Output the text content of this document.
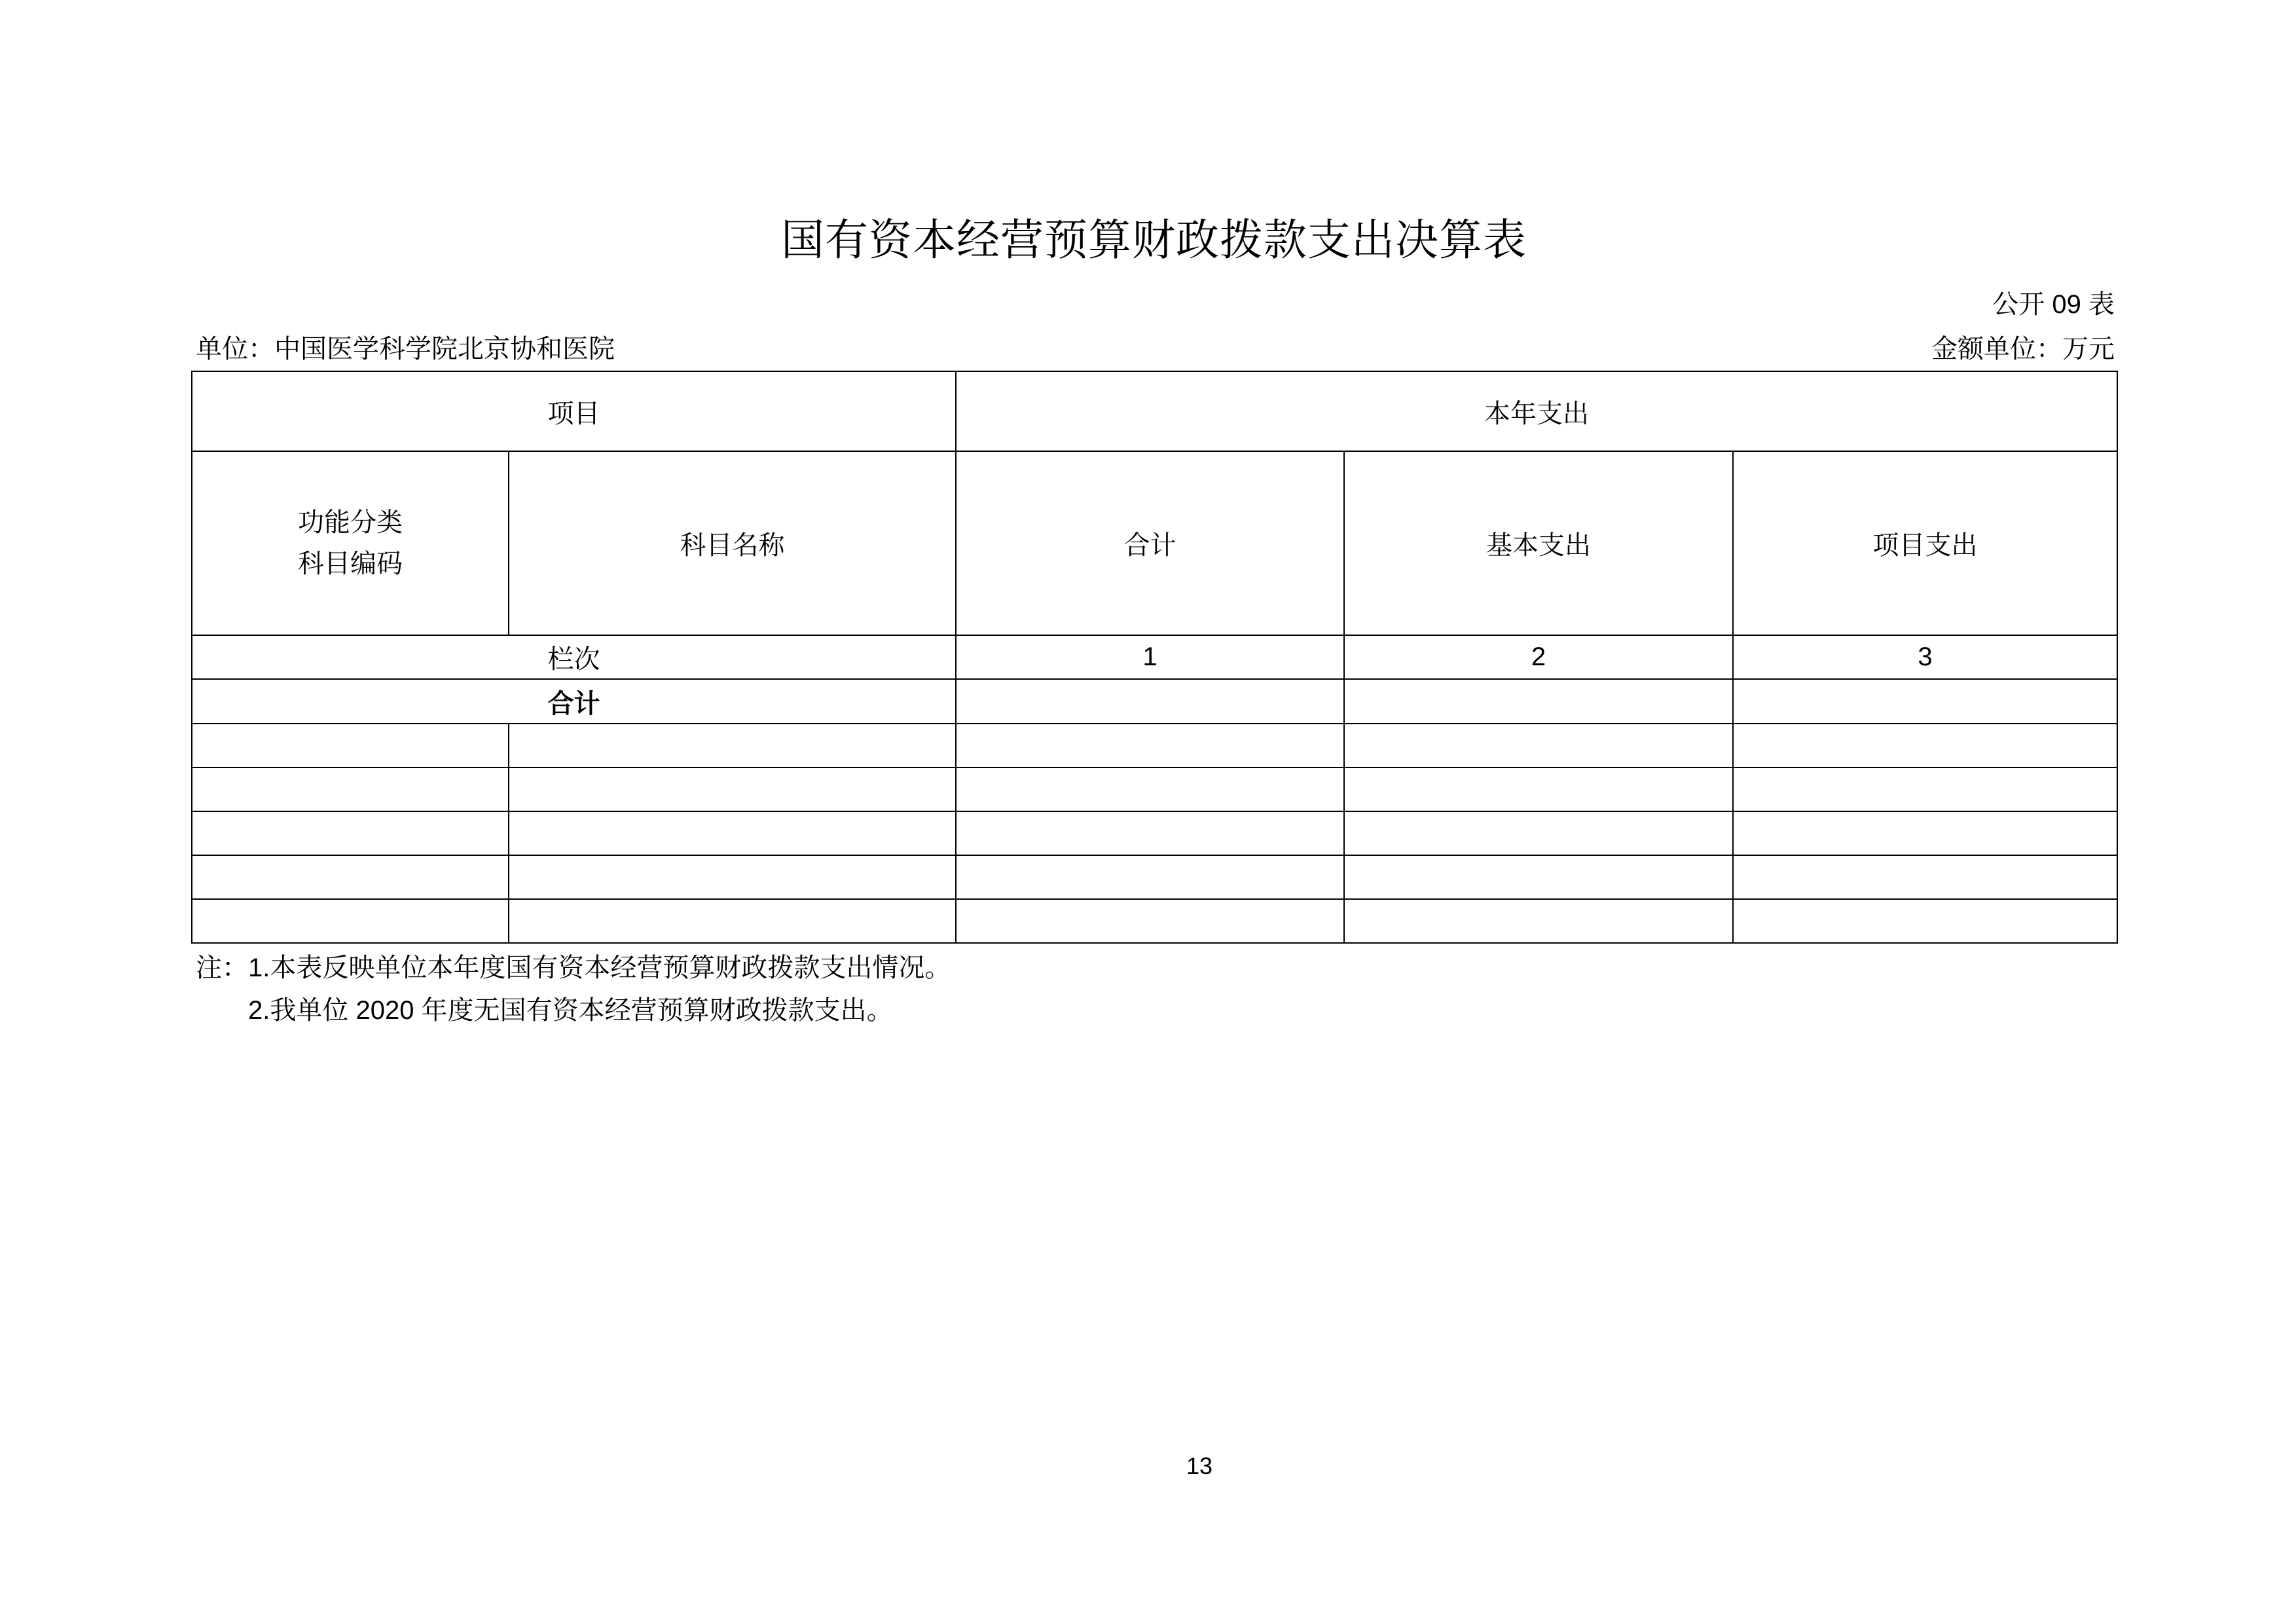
国有资本经营预算财政拨款支出决算表
公开 09 表
单位：中国医学科学院北京协和医院	金额单位：万元
项目		本年支出		

功能分类
科目编码	科目名称	合计	基本支出	项目支出
栏次		1	2	3
合计				

注： 1.本表反映单位本年度国有资本经营预算财政拨款支出情况。
2.我单位 2020 年度无国有资本经营预算财政拨款支出。
13
